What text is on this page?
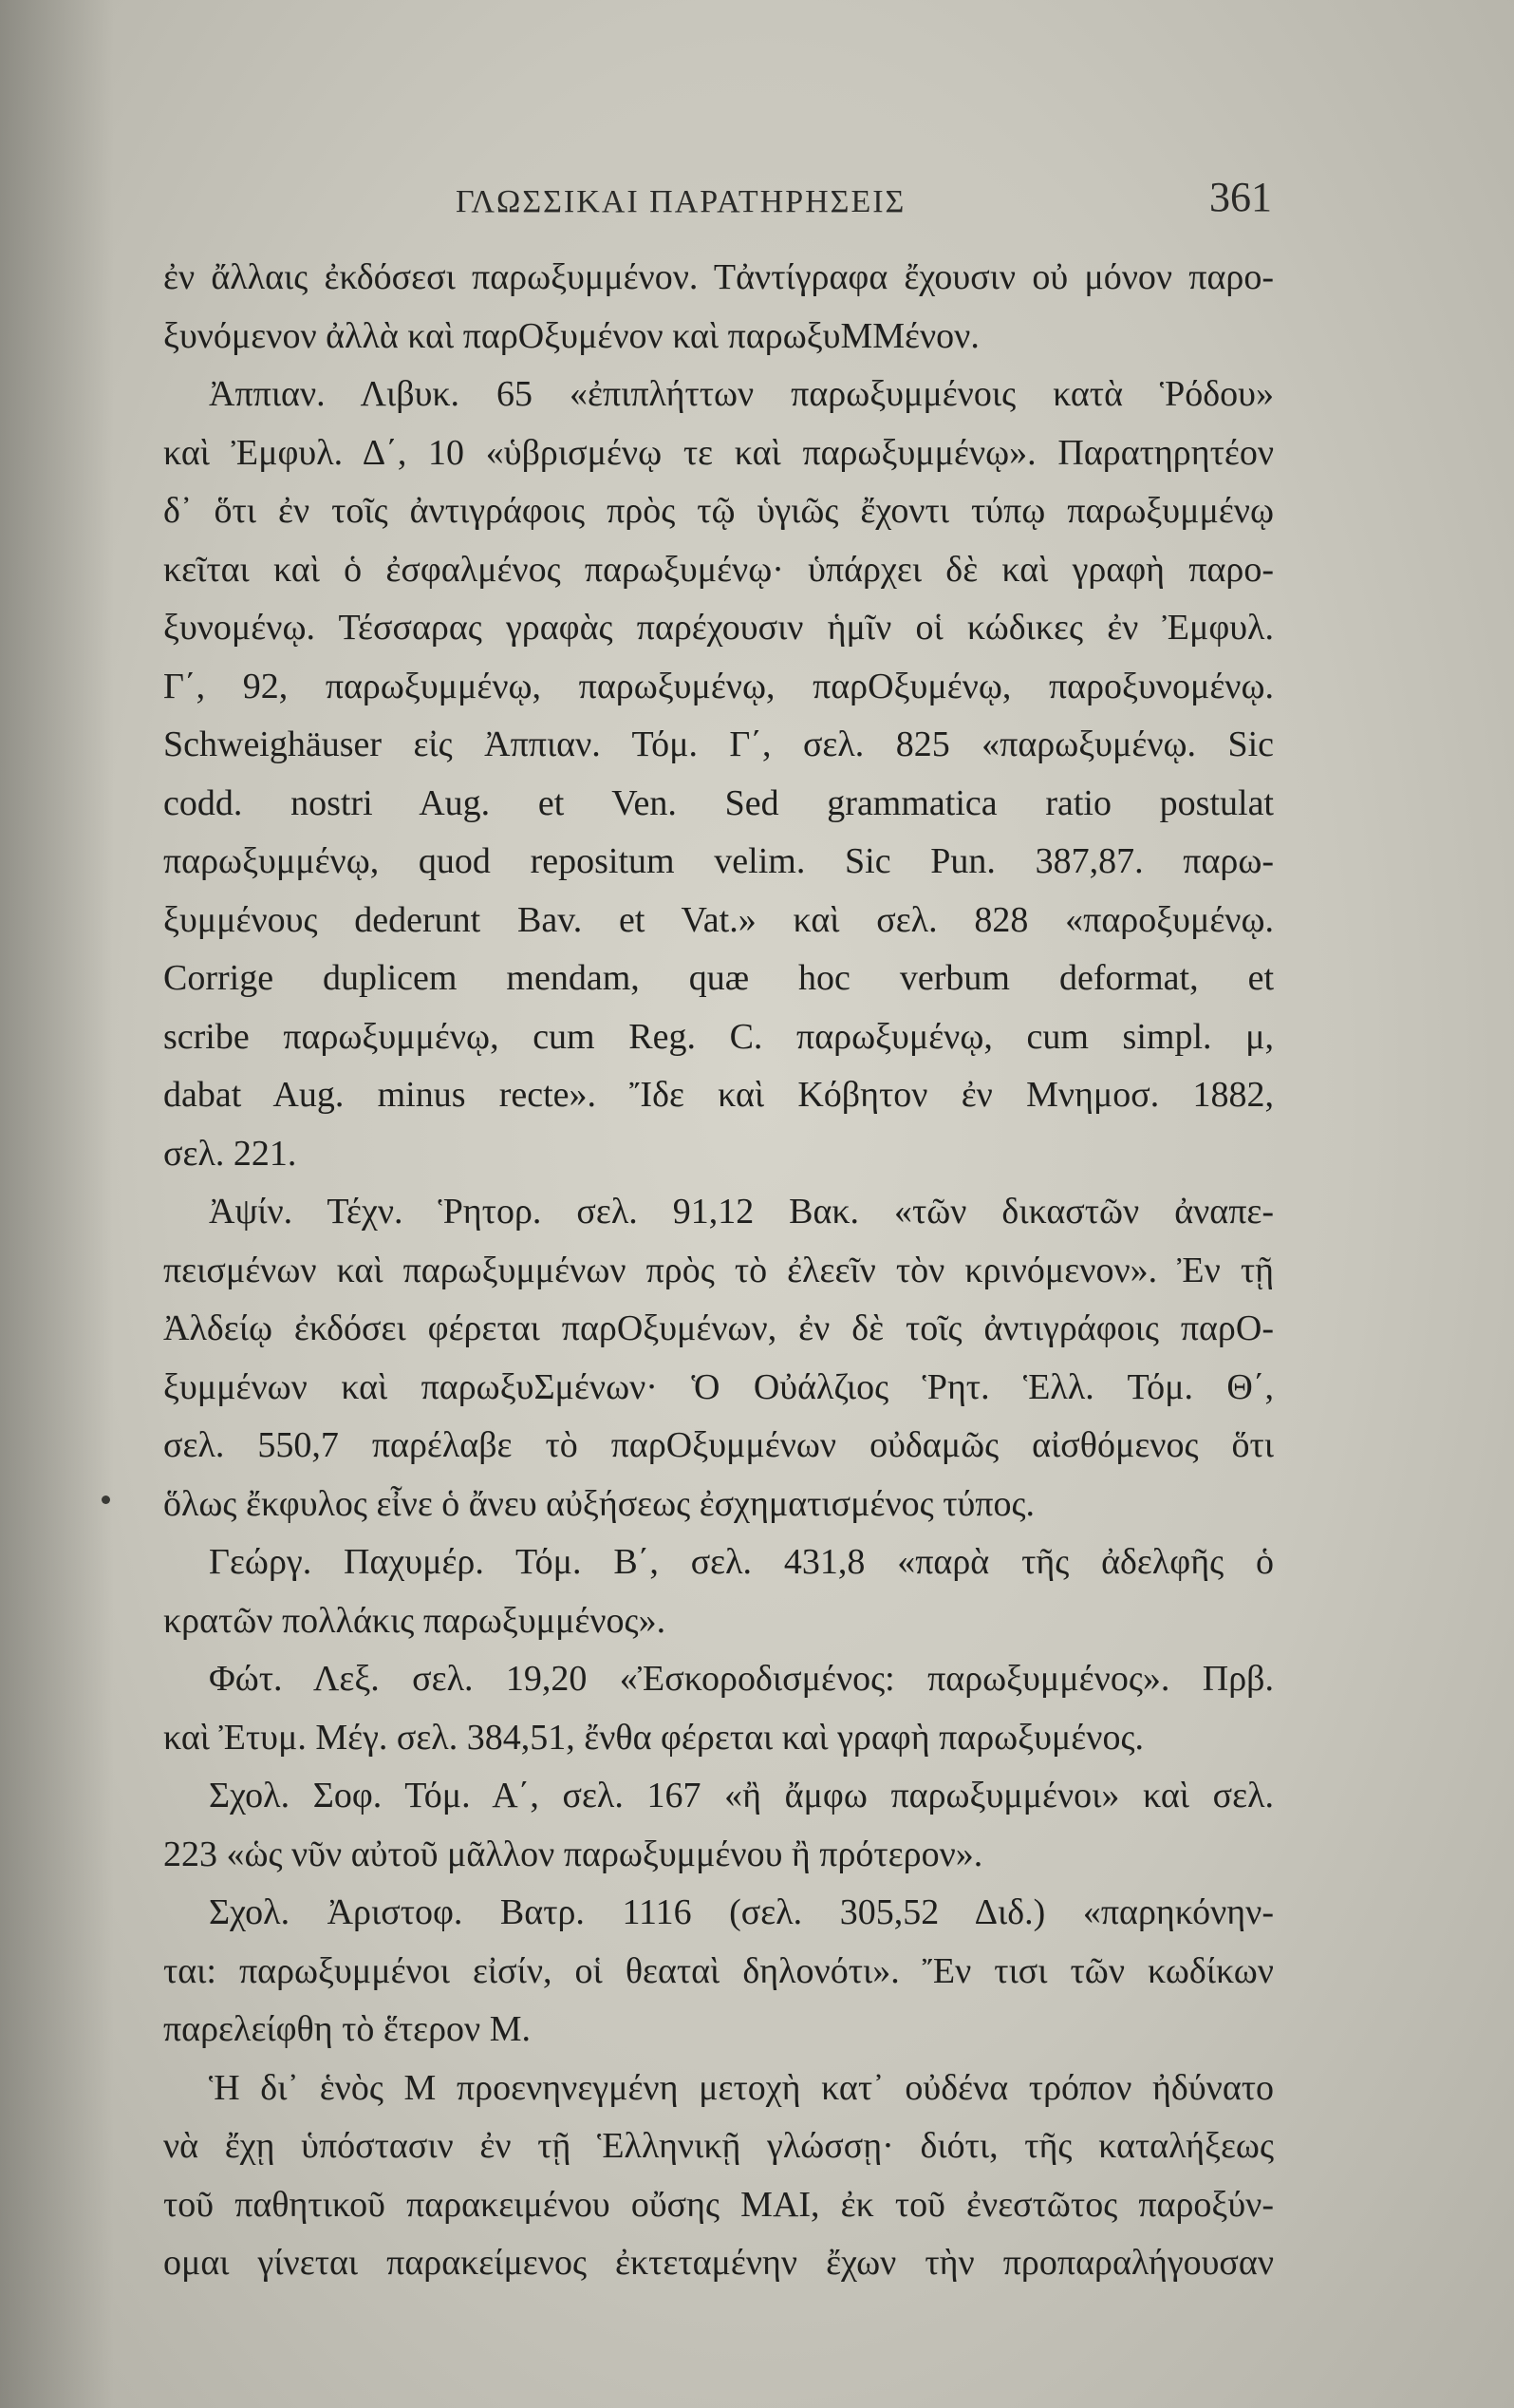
ΓΛΩΣΣΙΚΑΙ ΠΑΡΑΤΗΡΗΣΕΙΣ	361
ἐν ἄλλαις ἐκδόσεσι παρωξυμμένον. Τἀντίγραφα ἔχουσιν οὐ μόνον παρο-
ξυνόμενον ἀλλὰ καὶ παρΟξυμένον καὶ παρωξυΜΜένον.
Ἀππιαν. Λιβυκ. 65 «ἐπιπλήττων παρωξυμμένοις κατὰ Ῥόδου»
καὶ Ἐμφυλ. Δ΄, 10 «ὑβρισμένῳ τε καὶ παρωξυμμένῳ». Παρατηρητέον
δ᾽ ὅτι ἐν τοῖς ἀντιγράφοις πρὸς τῷ ὑγιῶς ἔχοντι τύπῳ παρωξυμμένῳ
κεῖται καὶ ὁ ἐσφαλμένος παρωξυμένῳ· ὑπάρχει δὲ καὶ γραφὴ παρο-
ξυνομένῳ. Τέσσαρας γραφὰς παρέχουσιν ἡμῖν οἱ κώδικες ἐν Ἐμφυλ.
Γ΄, 92, παρωξυμμένῳ, παρωξυμένῳ, παρΟξυμένῳ, παροξυνομένῳ.
Schweighäuser εἰς Ἀππιαν. Τόμ. Γ΄, σελ. 825 «παρωξυμένῳ. Sic
codd. nostri Aug. et Ven. Sed grammatica ratio postulat
παρωξυμμένῳ, quod repositum velim. Sic Pun. 387,87. παρω-
ξυμμένους dederunt Bav. et Vat.» καὶ σελ. 828 «παροξυμένῳ.
Corrige duplicem mendam, quæ hoc verbum deformat, et
scribe παρωξυμμένῳ, cum Reg. C. παρωξυμένῳ, cum simpl. μ,
dabat Aug. minus recte». Ἴδε καὶ Κόβητον ἐν Μνημοσ. 1882,
σελ. 221.
Ἀψίν. Τέχν. Ῥητορ. σελ. 91,12 Βακ. «τῶν δικαστῶν ἀναπε-
πεισμένων καὶ παρωξυμμένων πρὸς τὸ ἐλεεῖν τὸν κρινόμενον». Ἐν τῇ
Ἀλδείῳ ἐκδόσει φέρεται παρΟξυμένων, ἐν δὲ τοῖς ἀντιγράφοις παρΟ-
ξυμμένων καὶ παρωξυΣμένων· Ὁ Οὐάλζιος Ῥητ. Ἑλλ. Τόμ. Θ΄,
σελ. 550,7 παρέλαβε τὸ παρΟξυμμένων οὐδαμῶς αἰσθόμενος ὅτι
ὅλως ἔκφυλος εἶνε ὁ ἄνευ αὐξήσεως ἐσχηματισμένος τύπος.
Γεώργ. Παχυμέρ. Τόμ. Β΄, σελ. 431,8 «παρὰ τῆς ἀδελφῆς ὁ
κρατῶν πολλάκις παρωξυμμένος».
Φώτ. Λεξ. σελ. 19,20 «Ἐσκοροδισμένος: παρωξυμμένος». Πρβ.
καὶ Ἐτυμ. Μέγ. σελ. 384,51, ἔνθα φέρεται καὶ γραφὴ παρωξυμένος.
Σχολ. Σοφ. Τόμ. Α΄, σελ. 167 «ἢ ἄμφω παρωξυμμένοι» καὶ σελ.
223 «ὡς νῦν αὐτοῦ μᾶλλον παρωξυμμένου ἢ πρότερον».
Σχολ. Ἀριστοφ. Βατρ. 1116 (σελ. 305,52 Διδ.) «παρηκόνην-
ται: παρωξυμμένοι εἰσίν, οἱ θεαταὶ δηλονότι». Ἔν τισι τῶν κωδίκων
παρελείφθη τὸ ἕτερον Μ.
Ἡ δι᾽ ἑνὸς Μ προενηνεγμένη μετοχὴ κατ᾽ οὐδένα τρόπον ἠδύνατο
νὰ ἔχῃ ὑπόστασιν ἐν τῇ Ἑλληνικῇ γλώσσῃ· διότι, τῆς καταλήξεως
τοῦ παθητικοῦ παρακειμένου οὔσης ΜΑΙ, ἐκ τοῦ ἐνεστῶτος παροξύν-
ομαι γίνεται παρακείμενος ἐκτεταμένην ἔχων τὴν προπαραλήγουσαν
